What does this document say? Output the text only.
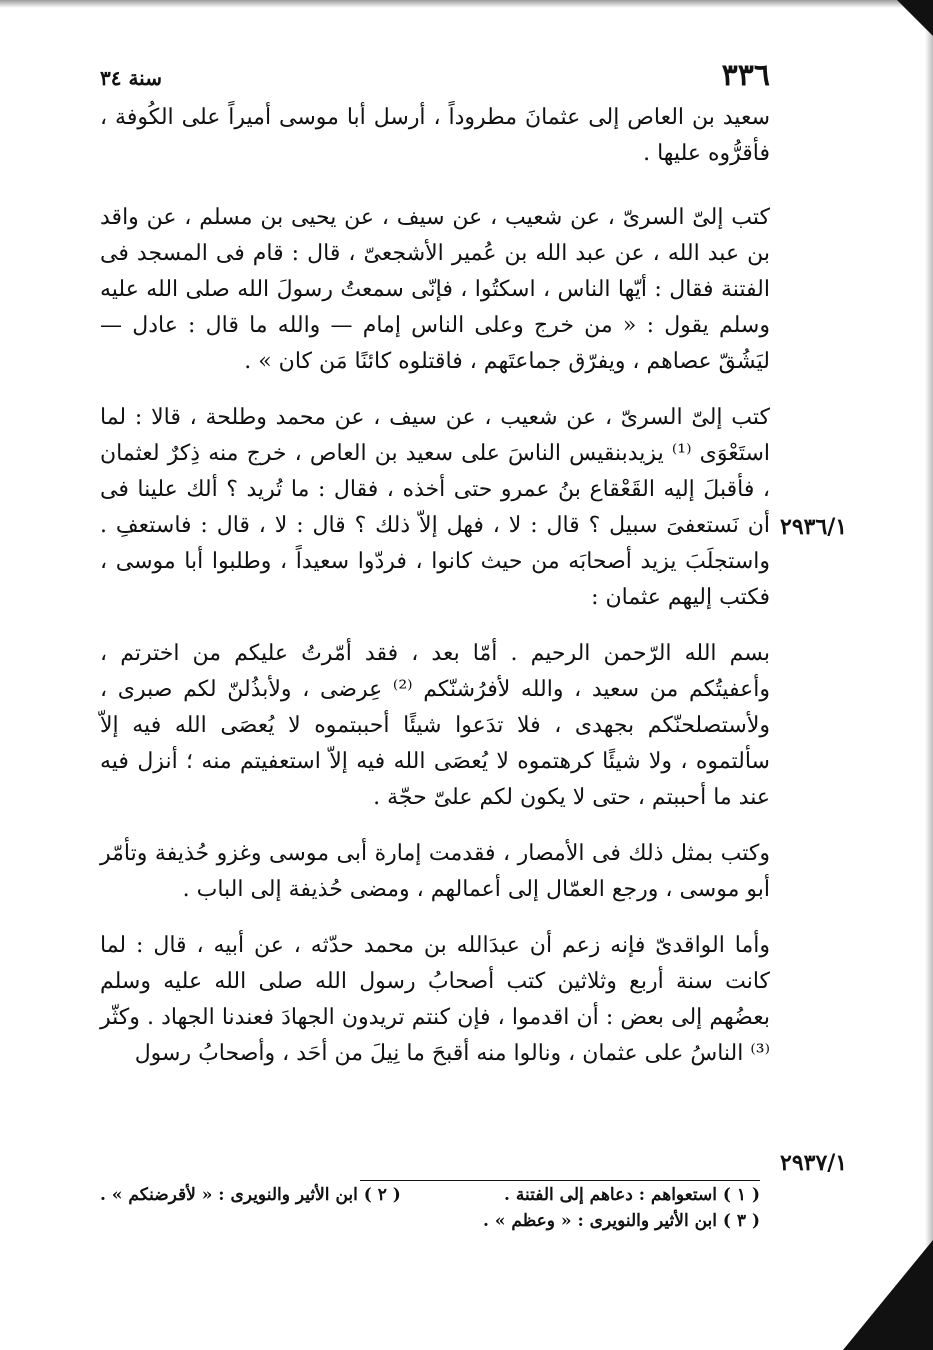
٣٣٦
سنة ٣٤

سعيد بن العاص إلى عثمانَ مطروداً ، أرسل أبا موسى أميراً على الكُوفة ، فأقرُّوه عليها .

كتب إلىّ السرىّ ، عن شعيب ، عن سيف ، عن يحيى بن مسلم ، عن واقد بن عبد الله ، عن عبد الله بن عُمير الأشجعىّ ، قال : قام فى المسجد فى الفتنة فقال : أيّها الناس ، اسكتُوا ، فإنّى سمعتُ رسولَ الله صلى الله عليه وسلم يقول : « من خرج وعلى الناس إمام — والله ما قال : عادل — ليَشُقّ عصاهم ، ويفرّق جماعتَهم ، فاقتلوه كائنًا مَن كان » .

كتب إلىّ السرىّ ، عن شعيب ، عن سيف ، عن محمد وطلحة ، قالا : لما استَعْوَى ⁽¹⁾ يزيدبنقيس الناسَ على سعيد بن العاص ، خرج منه ذِكرٌ لعثمان ، فأقبلَ إليه القَعْقاع بنُ عمرو حتى أخذه ، فقال : ما تُريد ؟ ألك علينا فى أن نَستعفىَ سبيل ؟ قال : لا ، فهل إلاّ ذلك ؟ قال : لا ، قال : فاستعفِ . واستجلَبَ يزيد أصحابَه من حيث كانوا ، فردّوا سعيداً ، وطلبوا أبا موسى ، فكتب إليهم عثمان :

بسم الله الرّحمن الرحيم . أمّا بعد ، فقد أمّرتُ عليكم من اخترتم ، وأعفيتُكم من سعيد ، والله لأفرُشنّكم ⁽²⁾ عِرضى ، ولأبذُلنّ لكم صبرى ، ولأستصلحنّكم بجهدى ، فلا تدَعوا شيئًا أحببتموه لا يُعصَى الله فيه إلاّ سألتموه ، ولا شيئًا كرهتموه لا يُعصَى الله فيه إلاّ استعفيتم منه ؛ أنزل فيه عند ما أحببتم ، حتى لا يكون لكم علىّ حجّة .

وكتب بمثل ذلك فى الأمصار ، فقدمت إمارة أبى موسى وغزو حُذيفة وتأمّر أبو موسى ، ورجع العمّال إلى أعمالهم ، ومضى حُذيفة إلى الباب .

وأما الواقدىّ فإنه زعم أن عبدَالله بن محمد حدّثه ، عن أبيه ، قال : لما كانت سنة أربع وثلاثين كتب أصحابُ رسول الله صلى الله عليه وسلم بعضُهم إلى بعض : أن اقدموا ، فإن كنتم تريدون الجهادَ فعندنا الجهاد . وكثّر ⁽³⁾ الناسُ على عثمان ، ونالوا منه أقبحَ ما نِيلَ من أحَد ، وأصحابُ رسول

٢٩٣٦/١
٢٩٣٧/١
( ١ ) استعواهم : دعاهم إلى الفتنة .
( ٢ ) ابن الأثير والنويرى : « لأقرضنكم » .
( ٣ ) ابن الأثير والنويرى : « وعظم » .
